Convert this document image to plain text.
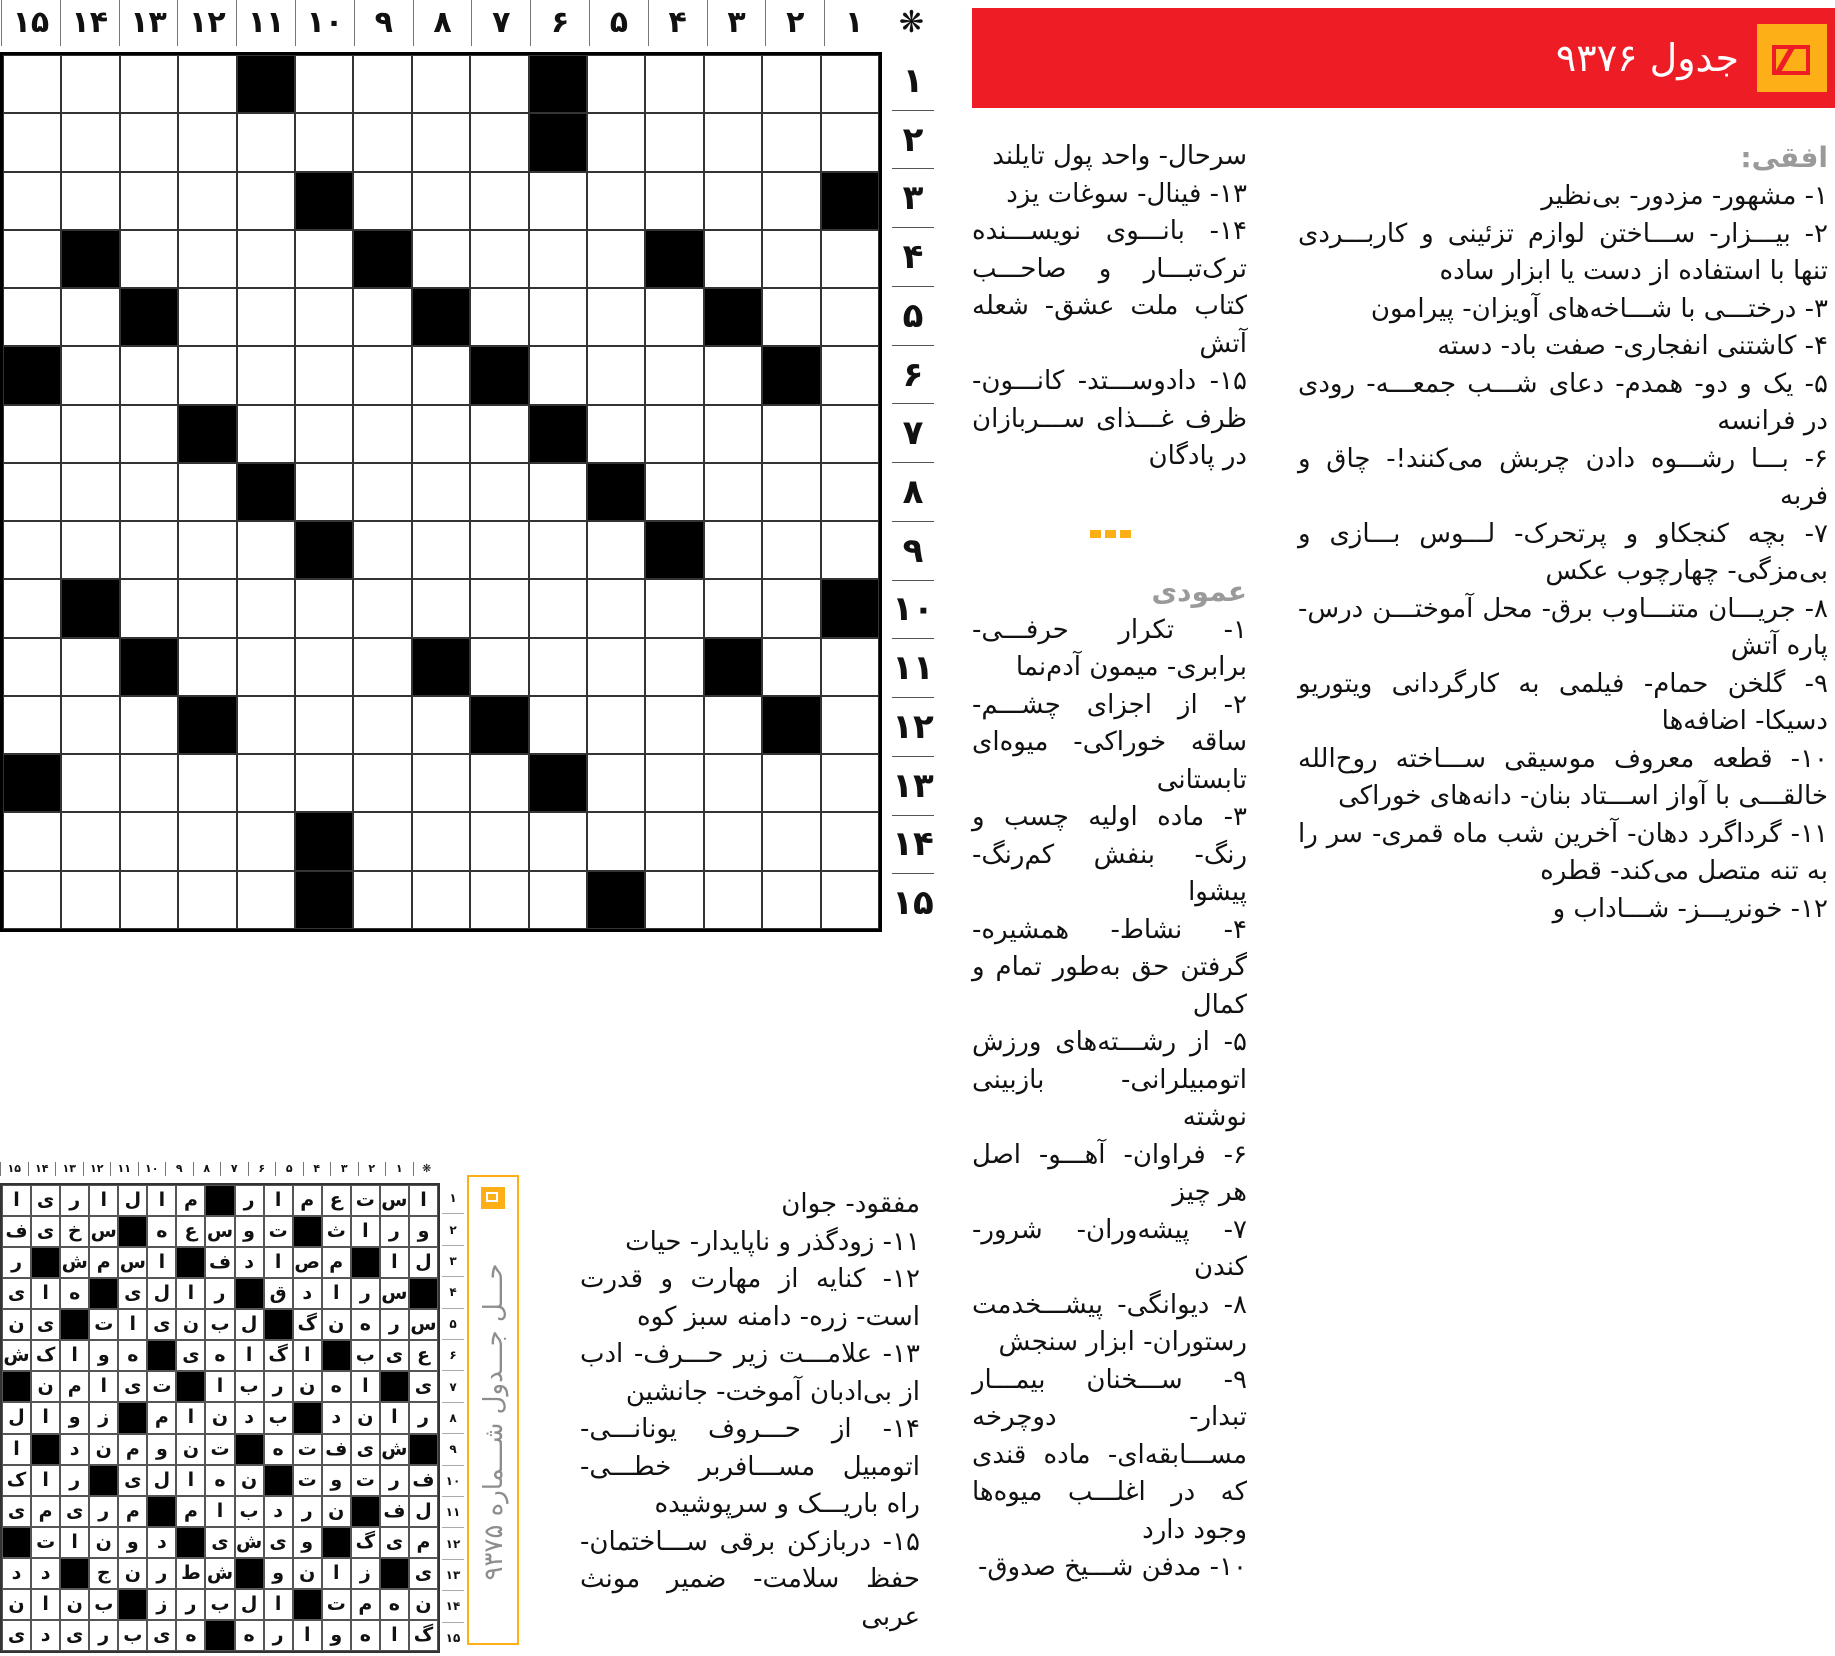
❋
۱
۲
۳
۴
۵
۶
۷
۸
۹
۱۰
۱۱
۱۲
۱۳
۱۴
۱۵
۱
۲
۳
۴
۵
۶
۷
۸
۹
۱۰
۱۱
۱۲
۱۳
۱۴
۱۵
جدول ۹۳۷۶

افقی:

۱- مشهور- مزدور- بی‌نظیر

۲- بیـــزار- ســـاختن لوازم تزئینی و کاربـــردی تنها با استفاده از دست یا ابزار ساده

۳- درختـــی با شـــاخه‌های آویزان- پیرامون

۴- کاشتنی انفجاری- صفت باد- دسته

۵- یک و دو- همدم- دعای شـــب جمعـــه- رودی در فرانسه

۶- بـــا رشـــوه دادن چربش می‌کنند!- چاق و فربه

۷- بچه کنجکاو و پرتحرک- لـــوس بـــازی و بی‌مزگی- چهارچوب عکس

۸- جریـــان متنـــاوب برق- محل آموختـــن درس- پاره آتش

۹- گلخن حمام- فیلمی به کارگردانی ویتوریو دسیکا- اضافه‌ها

۱۰- قطعه معروف موسیقی ســـاخته روح‌الله خالقـــی با آواز اســـتاد بنان- دانه‌های خوراکی

۱۱- گرداگرد دهان- آخرین شب ماه قمری- سر را به تنه متصل می‌کند- قطره

۱۲- خونریـــز- شـــاداب و

سرحال- واحد پول تایلند

۱۳- فینال- سوغات یزد

۱۴- بانـــوی نویســـنده ترک‌تبـــار و صاحـــب کتاب ملت عشق- شعله آتش

۱۵- دادوســـتد- کانـــون- ظرف غـــذای ســـربازان در پادگان

عمودی

۱- تکرار حرفـــی- برابری- میمون آدم‌نما

۲- از اجزای چشـــم- ساقه خوراکی- میوه‌ای تابستانی

۳- ماده اولیه چسب و رنگ- بنفش کم‌رنگ- پیشوا

۴- نشاط- همشیره- گرفتن حق به‌طور تمام و کمال

۵- از رشـــته‌های ورزش اتومبیلرانی- بازبینی نوشته

۶- فراوان- آهـــو- اصل هر چیز

۷- پیشه‌وران- شرور- کندن

۸- دیوانگی- پیشـــخدمت رستوران- ابزار سنجش

۹- ســـخنان بیمـــار تبدار- دوچرخه مســـابقه‌ای- ماده قندی که در اغلـــب میوه‌ها وجود دارد

۱۰- مدفن شـــیخ صدوق-

مفقود- جوان

۱۱- زودگذر و ناپایدار- حیات

۱۲- کنایه از مهارت و قدرت است- زره- دامنه سبز کوه

۱۳- علامـــت زیر حـــرف- ادب از بی‌ادبان آموخت- جانشین

۱۴- از حـــروف یونانـــی- اتومبیل مســـافربر خطـــی- راه باریـــک و سرپوشیده

۱۵- دربازکن برقی ســـاختمان- حفظ سلامت- ضمیر مونث عربی

حـــل جـــدول شـــماره ۹۳۷۵
❋
۱
۲
۳
۴
۵
۶
۷
۸
۹
۱۰
۱۱
۱۲
۱۳
۱۴
۱۵
ا
س
ت
ع
م
ا
ر
م
ا
ل
ا
ر
ی
ا
و
ر
ا
ث
ت
و
س
ع
ه
س
خ
ی
ف
ل
ا
م
ص
ا
د
ف
ا
س
م
ش
ر
س
ر
ا
د
ق
ر
ا
ل
ی
ه
ا
ی
س
ر
ه
ن
گ
ل
ب
ن
ی
ا
ت
ی
ن
ع
ی
ب
ا
گ
ا
ه
ی
ه
و
ا
ک
ش
ی
ا
ه
ن
ر
ب
ا
ت
ی
ا
م
ن
ر
ا
ن
د
ب
د
ن
ا
م
ز
و
ا
ل
ش
ی
ف
ت
ه
ت
ن
و
م
ن
د
ا
ف
ر
ت
و
ت
ن
ه
ا
ل
ی
ر
ا
ک
ل
ف
ن
ر
د
ب
ا
م
م
ر
ی
م
ی
م
ی
گ
و
ی
ش
ی
د
و
ن
ا
ت
ی
ز
ا
ن
و
ش
ط
ر
ن
ج
د
د
ن
ه
م
ت
ا
ل
ب
ر
ز
ب
ن
ا
ن
گ
ا
ه
و
ا
ر
ه
ه
ی
ب
ر
ی
د
ی
۱
۲
۳
۴
۵
۶
۷
۸
۹
۱۰
۱۱
۱۲
۱۳
۱۴
۱۵
